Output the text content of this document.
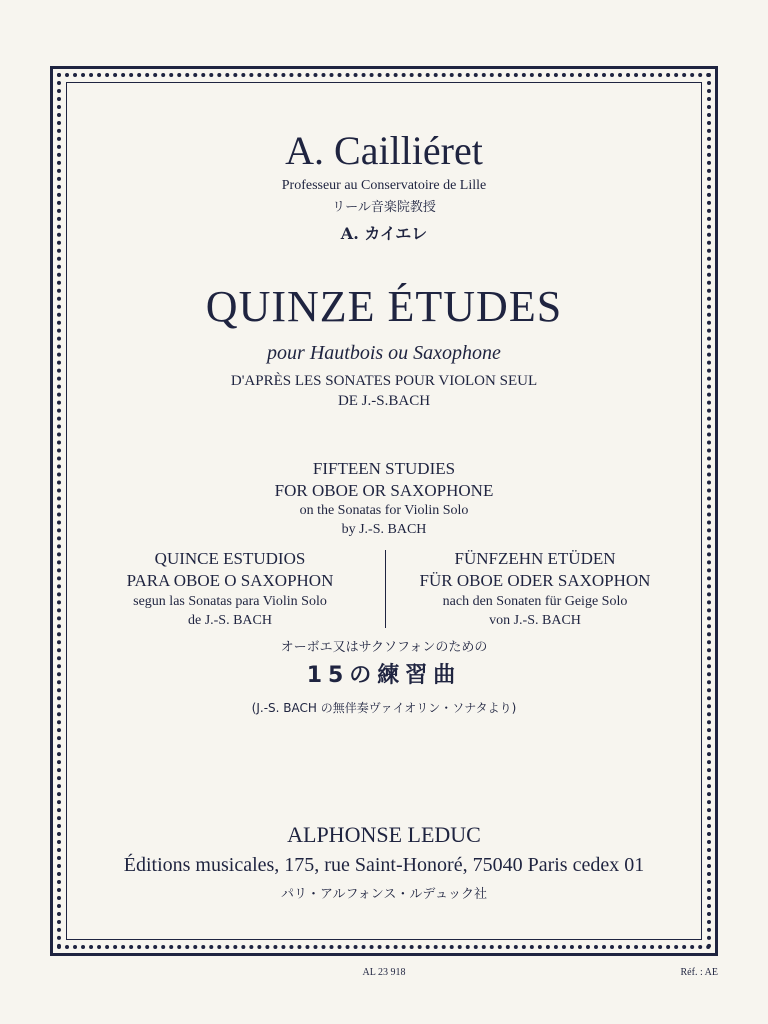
A. Cailliéret
Professeur au Conservatoire de Lille
リール音楽院教授
A. カイエレ
QUINZE ÉTUDES
pour Hautbois ou Saxophone
D'APRÈS LES SONATES POUR VIOLON SEUL
DE J.-S.BACH
FIFTEEN STUDIES
FOR OBOE OR SAXOPHONE
on the Sonatas for Violin Solo
by J.-S. BACH
QUINCE ESTUDIOS
PARA OBOE O SAXOPHON
segun las Sonatas para Violin Solo
de J.-S. BACH
FÜNFZEHN ETÜDEN
FÜR OBOE ODER SAXOPHON
nach den Sonaten für Geige Solo
von J.-S. BACH
オーボエ又はサクソフォンのための
15の練習曲
(J.-S. BACH の無伴奏ヴァイオリン・ソナタより)
ALPHONSE LEDUC
Éditions musicales, 175, rue Saint-Honoré, 75040 Paris cedex 01
パリ・アルフォンス・ルデュック社
AL 23 918	Réf. : AE
